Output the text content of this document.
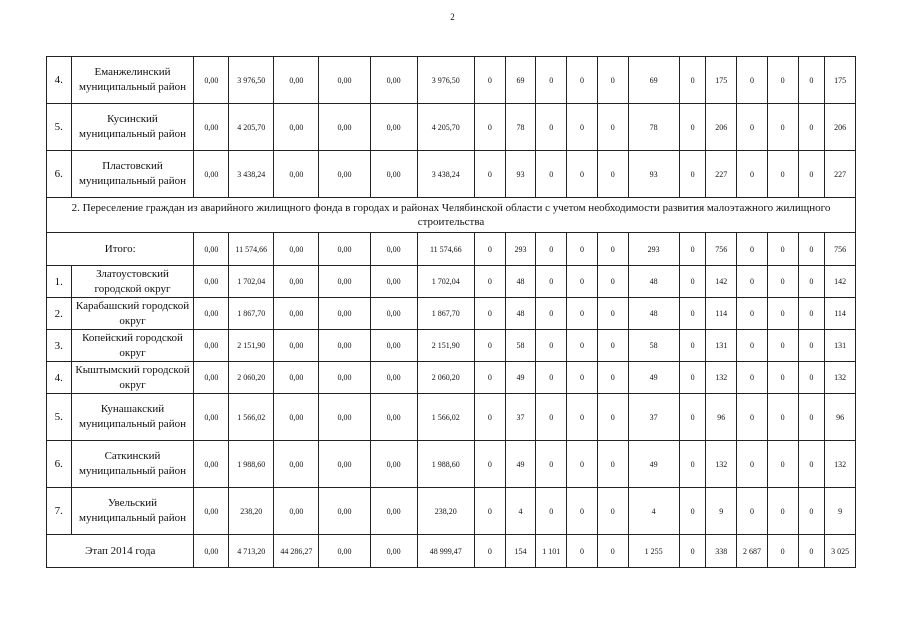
2
4.	Еманжелинский муниципальный район	0,00	3 976,50	0,00	0,00	0,00	3 976,50	0	69	0	0	0	69	0	175	0	0	0	175
5.	Кусинский муниципальный район	0,00	4 205,70	0,00	0,00	0,00	4 205,70	0	78	0	0	0	78	0	206	0	0	0	206
6.	Пластовский муниципальный район	0,00	3 438,24	0,00	0,00	0,00	3 438,24	0	93	0	0	0	93	0	227	0	0	0	227
2. Переселение граждан из аварийного жилищного фонда в городах и районах Челябинской области с учетом необходимости развития малоэтажного жилищного строительства																			
Итого:		0,00	11 574,66	0,00	0,00	0,00	11 574,66	0	293	0	0	0	293	0	756	0	0	0	756
1.	Златоустовский городской округ	0,00	1 702,04	0,00	0,00	0,00	1 702,04	0	48	0	0	0	48	0	142	0	0	0	142
2.	Карабашский городской округ	0,00	1 867,70	0,00	0,00	0,00	1 867,70	0	48	0	0	0	48	0	114	0	0	0	114
3.	Копейский городской округ	0,00	2 151,90	0,00	0,00	0,00	2 151,90	0	58	0	0	0	58	0	131	0	0	0	131
4.	Кыштымский городской округ	0,00	2 060,20	0,00	0,00	0,00	2 060,20	0	49	0	0	0	49	0	132	0	0	0	132
5.	Кунашакский муниципальный район	0,00	1 566,02	0,00	0,00	0,00	1 566,02	0	37	0	0	0	37	0	96	0	0	0	96
6.	Саткинский муниципальный район	0,00	1 988,60	0,00	0,00	0,00	1 988,60	0	49	0	0	0	49	0	132	0	0	0	132
7.	Увельский муниципальный район	0,00	238,20	0,00	0,00	0,00	238,20	0	4	0	0	0	4	0	9	0	0	0	9
Этап 2014 года		0,00	4 713,20	44 286,27	0,00	0,00	48 999,47	0	154	1 101	0	0	1 255	0	338	2 687	0	0	3 025
